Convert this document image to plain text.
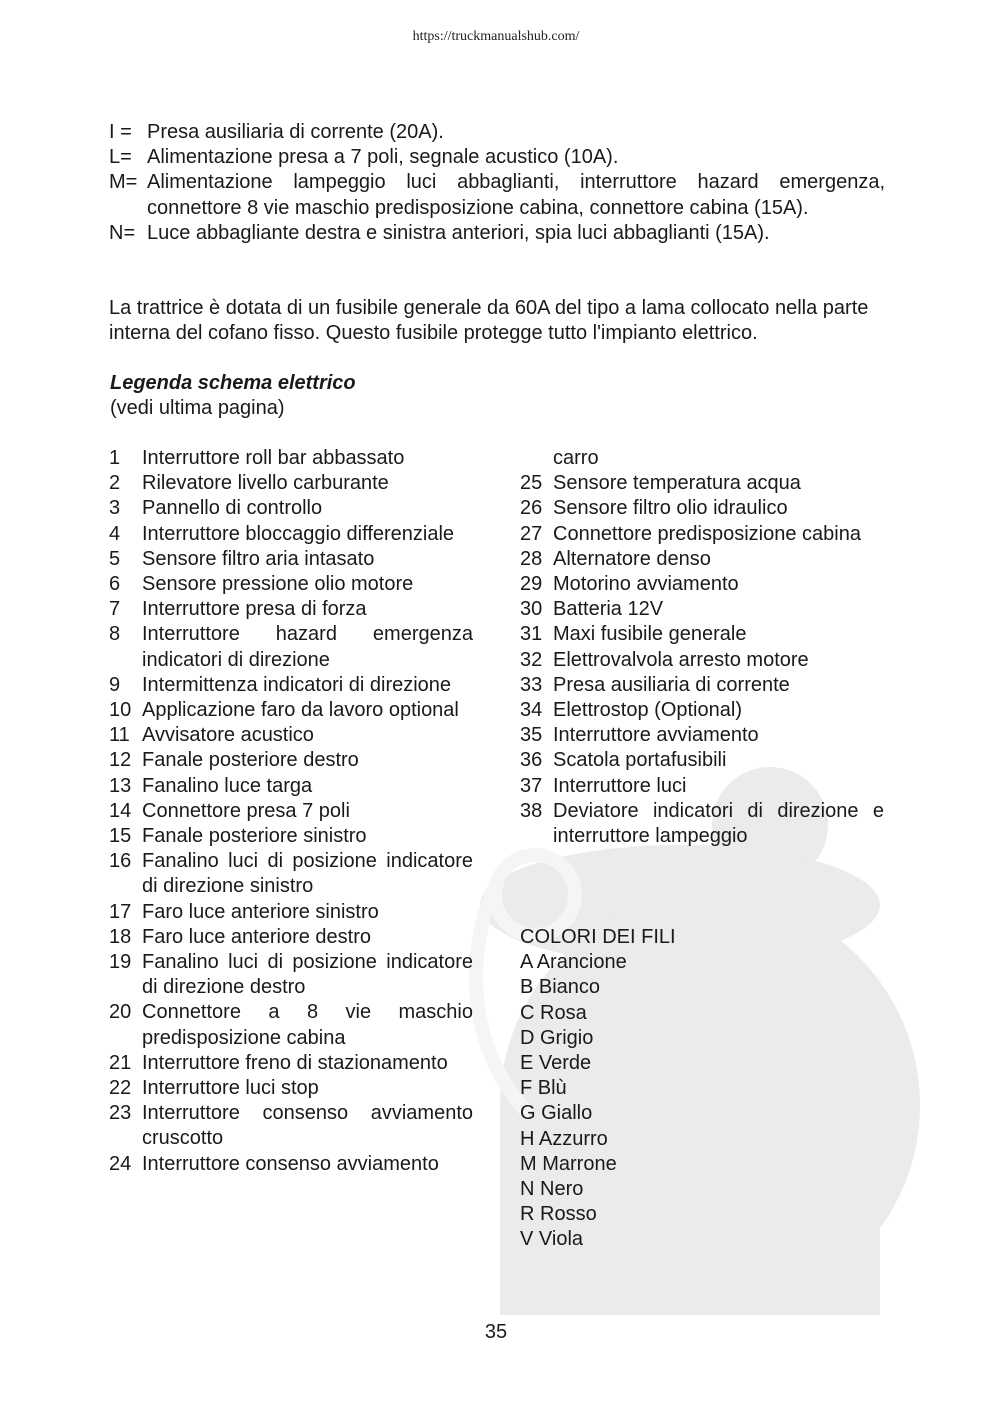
https://truckmanualshub.com/
I = Presa ausiliaria di corrente (20A).
L= Alimentazione presa a 7 poli, segnale acustico (10A).
M= Alimentazione lampeggio luci abbaglianti, interruttore hazard emergenza, connettore 8 vie maschio predisposizione cabina, connettore cabina (15A).
N= Luce abbagliante destra e sinistra anteriori, spia luci abbaglianti (15A).
La trattrice è dotata di un fusibile generale da 60A del tipo a lama collocato nella parte interna del cofano fisso. Questo fusibile protegge tutto l'impianto elettrico.
Legenda schema elettrico
(vedi ultima pagina)
1	Interruttore roll bar abbassato
2	Rilevatore livello carburante
3	Pannello di controllo
4	Interruttore bloccaggio differenziale
5	Sensore filtro aria intasato
6	Sensore pressione olio motore
7	Interruttore presa di forza
8	Interruttore hazard emergenza indicatori di direzione
9	Intermittenza indicatori di direzione
10 Applicazione faro da lavoro optional
11 Avvisatore acustico
12 Fanale posteriore destro
13 Fanalino luce targa
14 Connettore presa 7 poli
15 Fanale posteriore sinistro
16 Fanalino luci di posizione indicatore di direzione sinistro
17 Faro luce anteriore sinistro
18 Faro luce anteriore destro
19 Fanalino luci di posizione indicatore di direzione destro
20 Connettore a 8 vie maschio predisposizione cabina
21 Interruttore freno di stazionamento
22 Interruttore luci stop
23 Interruttore consenso avviamento cruscotto
24 Interruttore consenso avviamento
carro
25 Sensore temperatura acqua
26 Sensore filtro olio idraulico
27 Connettore predisposizione cabina
28 Alternatore denso
29 Motorino avviamento
30 Batteria 12V
31 Maxi fusibile generale
32 Elettrovalvola arresto motore
33 Presa ausiliaria di corrente
34 Elettrostop (Optional)
35 Interruttore avviamento
36 Scatola portafusibili
37 Interruttore luci
38 Deviatore indicatori di direzione e interruttore lampeggio
COLORI DEI FILI
A Arancione
B Bianco
C Rosa
D Grigio
E Verde
F Blù
G Giallo
H Azzurro
M Marrone
N Nero
R Rosso
V Viola
35
